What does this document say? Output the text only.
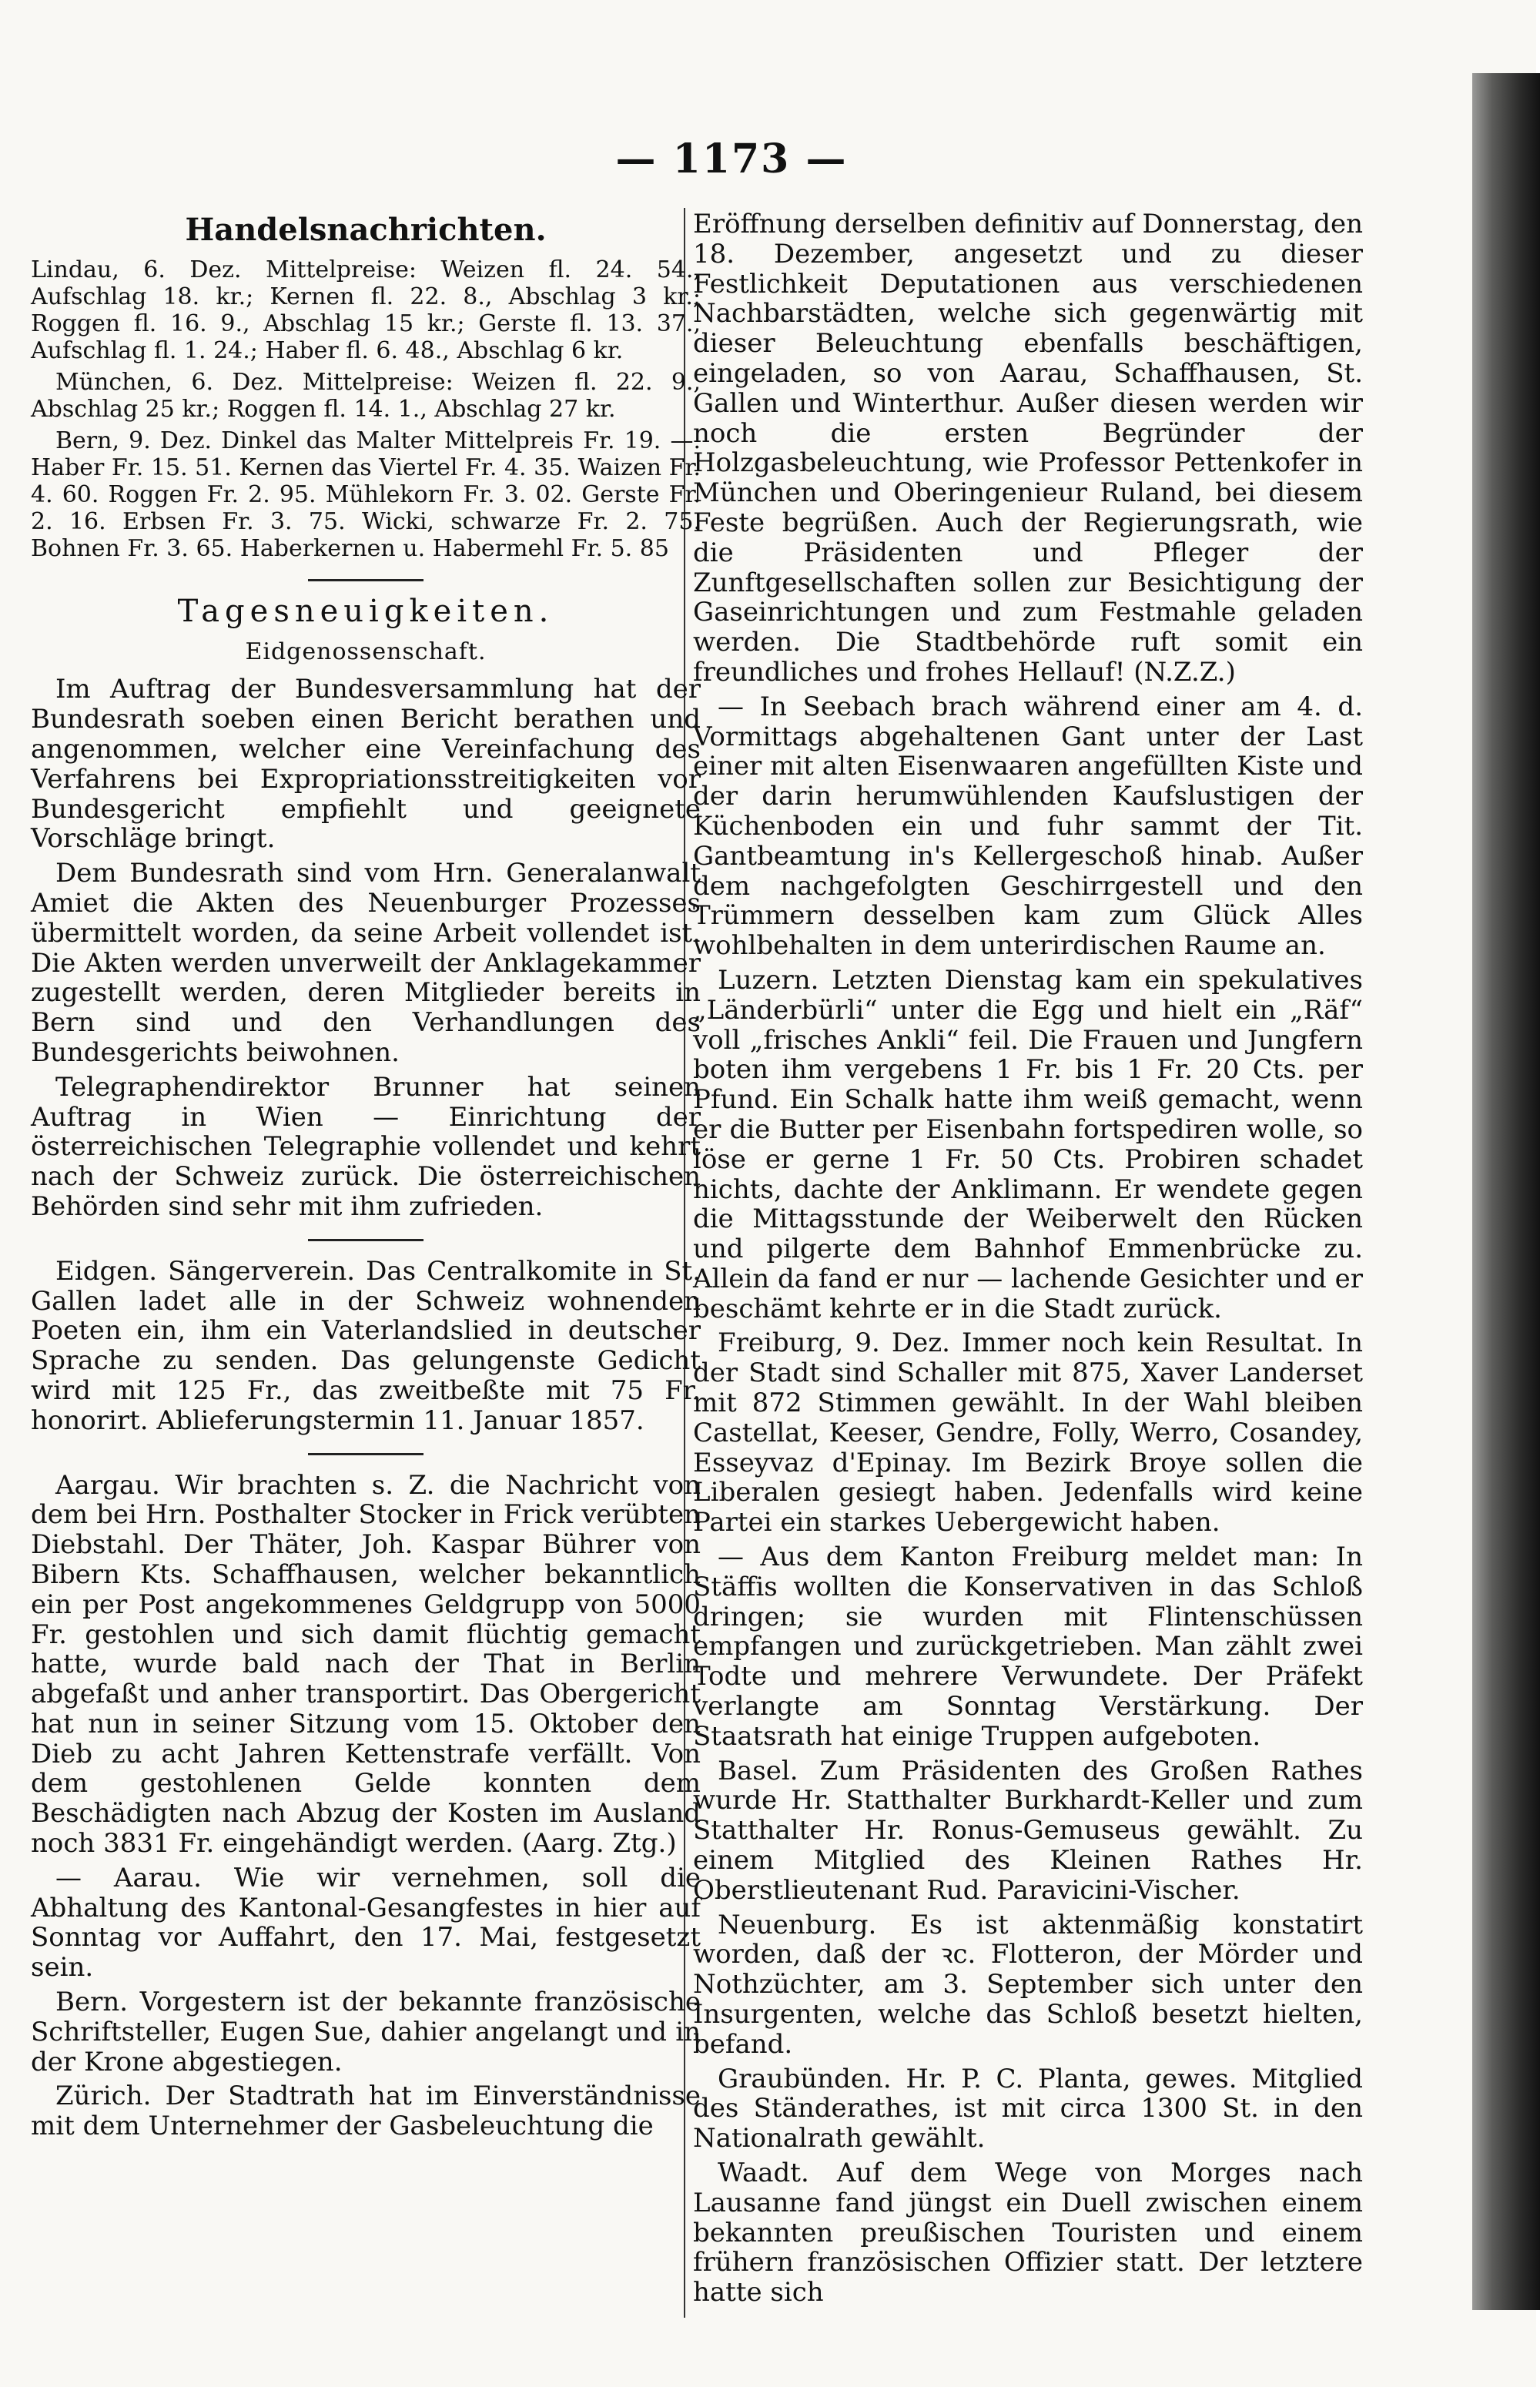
— 1173 —
Handelsnachrichten.

Lindau, 6. Dez. Mittelpreise: Weizen fl. 24. 54., Aufschlag 18. kr.; Kernen fl. 22. 8., Abschlag 3 kr.; Roggen fl. 16. 9., Abschlag 15 kr.; Gerste fl. 13. 37., Aufschlag fl. 1. 24.; Haber fl. 6. 48., Abschlag 6 kr.

München, 6. Dez. Mittelpreise: Weizen fl. 22. 9., Abschlag 25 kr.; Roggen fl. 14. 1., Abschlag 27 kr.

Bern, 9. Dez. Dinkel das Malter Mittelpreis Fr. 19. —. Haber Fr. 15. 51. Kernen das Viertel Fr. 4. 35. Waizen Fr. 4. 60. Roggen Fr. 2. 95. Mühlekorn Fr. 3. 02. Gerste Fr. 2. 16. Erbsen Fr. 3. 75. Wicki, schwarze Fr. 2. 75. Bohnen Fr. 3. 65. Haberkernen u. Habermehl Fr. 5. 85

Tagesneuigkeiten.
Eidgenossenschaft.

Im Auftrag der Bundesversammlung hat der Bundesrath soeben einen Bericht berathen und angenommen, welcher eine Vereinfachung des Verfahrens bei Expropriationsstreitigkeiten vor Bundesgericht empfiehlt und geeignete Vorschläge bringt.

Dem Bundesrath sind vom Hrn. Generalanwalt Amiet die Akten des Neuenburger Prozesses übermittelt worden, da seine Arbeit vollendet ist. Die Akten werden unverweilt der Anklagekammer zugestellt werden, deren Mitglieder bereits in Bern sind und den Verhandlungen des Bundesgerichts beiwohnen.

Telegraphendirektor Brunner hat seinen Auftrag in Wien — Einrichtung der österreichischen Telegraphie vollendet und kehrt nach der Schweiz zurück. Die österreichischen Behörden sind sehr mit ihm zufrieden.

Eidgen. Sängerverein. Das Centralkomite in St. Gallen ladet alle in der Schweiz wohnenden Poeten ein, ihm ein Vaterlandslied in deutscher Sprache zu senden. Das gelungenste Gedicht wird mit 125 Fr., das zweitbeßte mit 75 Fr. honorirt. Ablieferungstermin 11. Januar 1857.

Aargau. Wir brachten s. Z. die Nachricht von dem bei Hrn. Posthalter Stocker in Frick verübten Diebstahl. Der Thäter, Joh. Kaspar Bührer von Bibern Kts. Schaffhausen, welcher bekanntlich ein per Post angekommenes Geldgrupp von 5000 Fr. gestohlen und sich damit flüchtig gemacht hatte, wurde bald nach der That in Berlin abgefaßt und anher transportirt. Das Obergericht hat nun in seiner Sitzung vom 15. Oktober den Dieb zu acht Jahren Kettenstrafe verfällt. Von dem gestohlenen Gelde konnten dem Beschädigten nach Abzug der Kosten im Ausland noch 3831 Fr. eingehändigt werden. (Aarg. Ztg.)

— Aarau. Wie wir vernehmen, soll die Abhaltung des Kantonal-Gesangfestes in hier auf Sonntag vor Auffahrt, den 17. Mai, festgesetzt sein.

Bern. Vorgestern ist der bekannte französische Schriftsteller, Eugen Sue, dahier angelangt und in der Krone abgestiegen.

Zürich. Der Stadtrath hat im Einverständnisse mit dem Unternehmer der Gasbeleuchtung die

Eröffnung derselben definitiv auf Donnerstag, den 18. Dezember, angesetzt und zu dieser Festlichkeit Deputationen aus verschiedenen Nachbarstädten, welche sich gegenwärtig mit dieser Beleuchtung ebenfalls beschäftigen, eingeladen, so von Aarau, Schaffhausen, St. Gallen und Winterthur. Außer diesen werden wir noch die ersten Begründer der Holzgasbeleuchtung, wie Professor Pettenkofer in München und Oberingenieur Ruland, bei diesem Feste begrüßen. Auch der Regierungsrath, wie die Präsidenten und Pfleger der Zunftgesellschaften sollen zur Besichtigung der Gaseinrichtungen und zum Festmahle geladen werden. Die Stadtbehörde ruft somit ein freundliches und frohes Hellauf! (N.Z.Z.)

— In Seebach brach während einer am 4. d. Vormittags abgehaltenen Gant unter der Last einer mit alten Eisenwaaren angefüllten Kiste und der darin herumwühlenden Kaufslustigen der Küchenboden ein und fuhr sammt der Tit. Gantbeamtung in's Kellergeschoß hinab. Außer dem nachgefolgten Geschirrgestell und den Trümmern desselben kam zum Glück Alles wohlbehalten in dem unterirdischen Raume an.

Luzern. Letzten Dienstag kam ein spekulatives „Länderbürli“ unter die Egg und hielt ein „Räf“ voll „frisches Ankli“ feil. Die Frauen und Jungfern boten ihm vergebens 1 Fr. bis 1 Fr. 20 Cts. per Pfund. Ein Schalk hatte ihm weiß gemacht, wenn er die Butter per Eisenbahn fortspediren wolle, so löse er gerne 1 Fr. 50 Cts. Probiren schadet nichts, dachte der Anklimann. Er wendete gegen die Mittagsstunde der Weiberwelt den Rücken und pilgerte dem Bahnhof Emmenbrücke zu. Allein da fand er nur — lachende Gesichter und er beschämt kehrte er in die Stadt zurück.

Freiburg, 9. Dez. Immer noch kein Resultat. In der Stadt sind Schaller mit 875, Xaver Landerset mit 872 Stimmen gewählt. In der Wahl bleiben Castellat, Keeser, Gendre, Folly, Werro, Cosandey, Esseyvaz d'Epinay. Im Bezirk Broye sollen die Liberalen gesiegt haben. Jedenfalls wird keine Partei ein starkes Uebergewicht haben.

— Aus dem Kanton Freiburg meldet man: In Stäffis wollten die Konservativen in das Schloß dringen; sie wurden mit Flintenschüssen empfangen und zurückgetrieben. Man zählt zwei Todte und mehrere Verwundete. Der Präfekt verlangte am Sonntag Verstärkung. Der Staatsrath hat einige Truppen aufgeboten.

Basel. Zum Präsidenten des Großen Rathes wurde Hr. Statthalter Burkhardt-Keller und zum Statthalter Hr. Ronus-Gemuseus gewählt. Zu einem Mitglied des Kleinen Rathes Hr. Oberstlieutenant Rud. Paravicini-Vischer.

Neuenburg. Es ist aktenmäßig konstatirt worden, daß der ꝛc. Flotteron, der Mörder und Nothzüchter, am 3. September sich unter den Insurgenten, welche das Schloß besetzt hielten, befand.

Graubünden. Hr. P. C. Planta, gewes. Mitglied des Ständerathes, ist mit circa 1300 St. in den Nationalrath gewählt.

Waadt. Auf dem Wege von Morges nach Lausanne fand jüngst ein Duell zwischen einem bekannten preußischen Touristen und einem frühern französischen Offizier statt. Der letztere hatte sich
